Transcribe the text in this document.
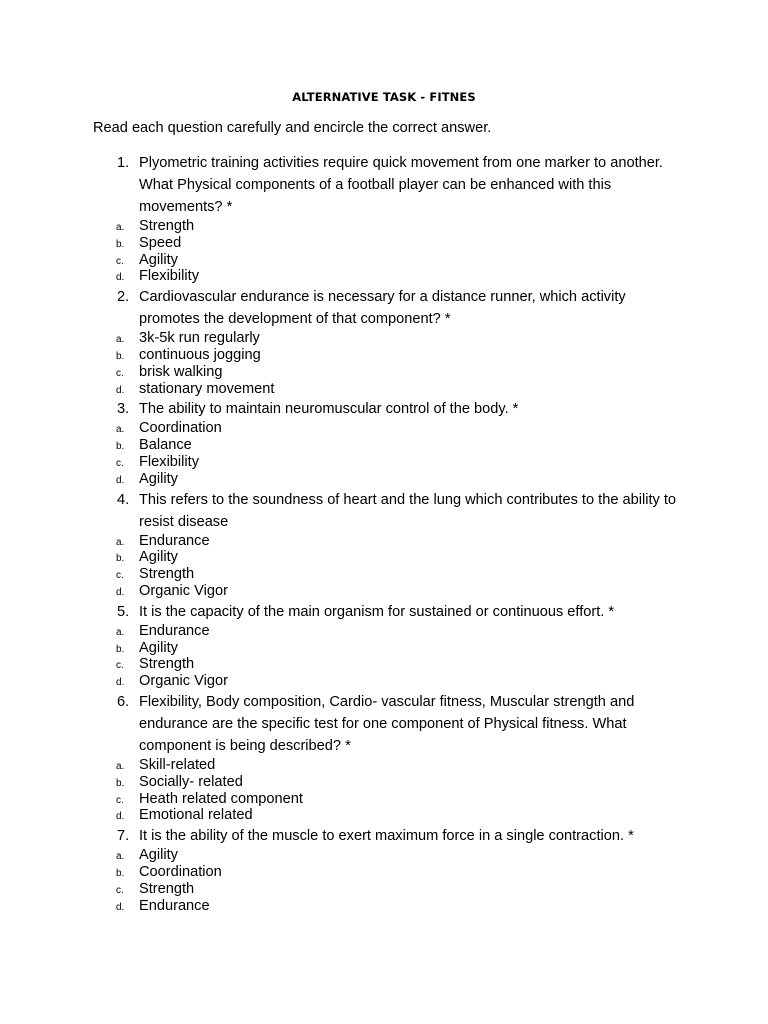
ALTERNATIVE TASK - FITNES
Read each question carefully and encircle the correct answer.
1. Plyometric training activities require quick movement from one marker to another. What Physical components of a football player can be enhanced with this movements? *
a. Strength
b. Speed
c. Agility
d. Flexibility
2. Cardiovascular endurance is necessary for a distance runner, which activity promotes the development of that component? *
a. 3k-5k run regularly
b. continuous jogging
c. brisk walking
d. stationary movement
3. The ability to maintain neuromuscular control of the body. *
a. Coordination
b. Balance
c. Flexibility
d. Agility
4. This refers to the soundness of heart and the lung which contributes to the ability to resist disease
a. Endurance
b. Agility
c. Strength
d. Organic Vigor
5. It is the capacity of the main organism for sustained or continuous effort. *
a. Endurance
b. Agility
c. Strength
d. Organic Vigor
6. Flexibility, Body composition, Cardio- vascular fitness, Muscular strength and endurance are the specific test for one component of Physical fitness. What component is being described? *
a. Skill-related
b. Socially- related
c. Heath related component
d. Emotional related
7. It is the ability of the muscle to exert maximum force in a single contraction. *
a. Agility
b. Coordination
c. Strength
d. Endurance
